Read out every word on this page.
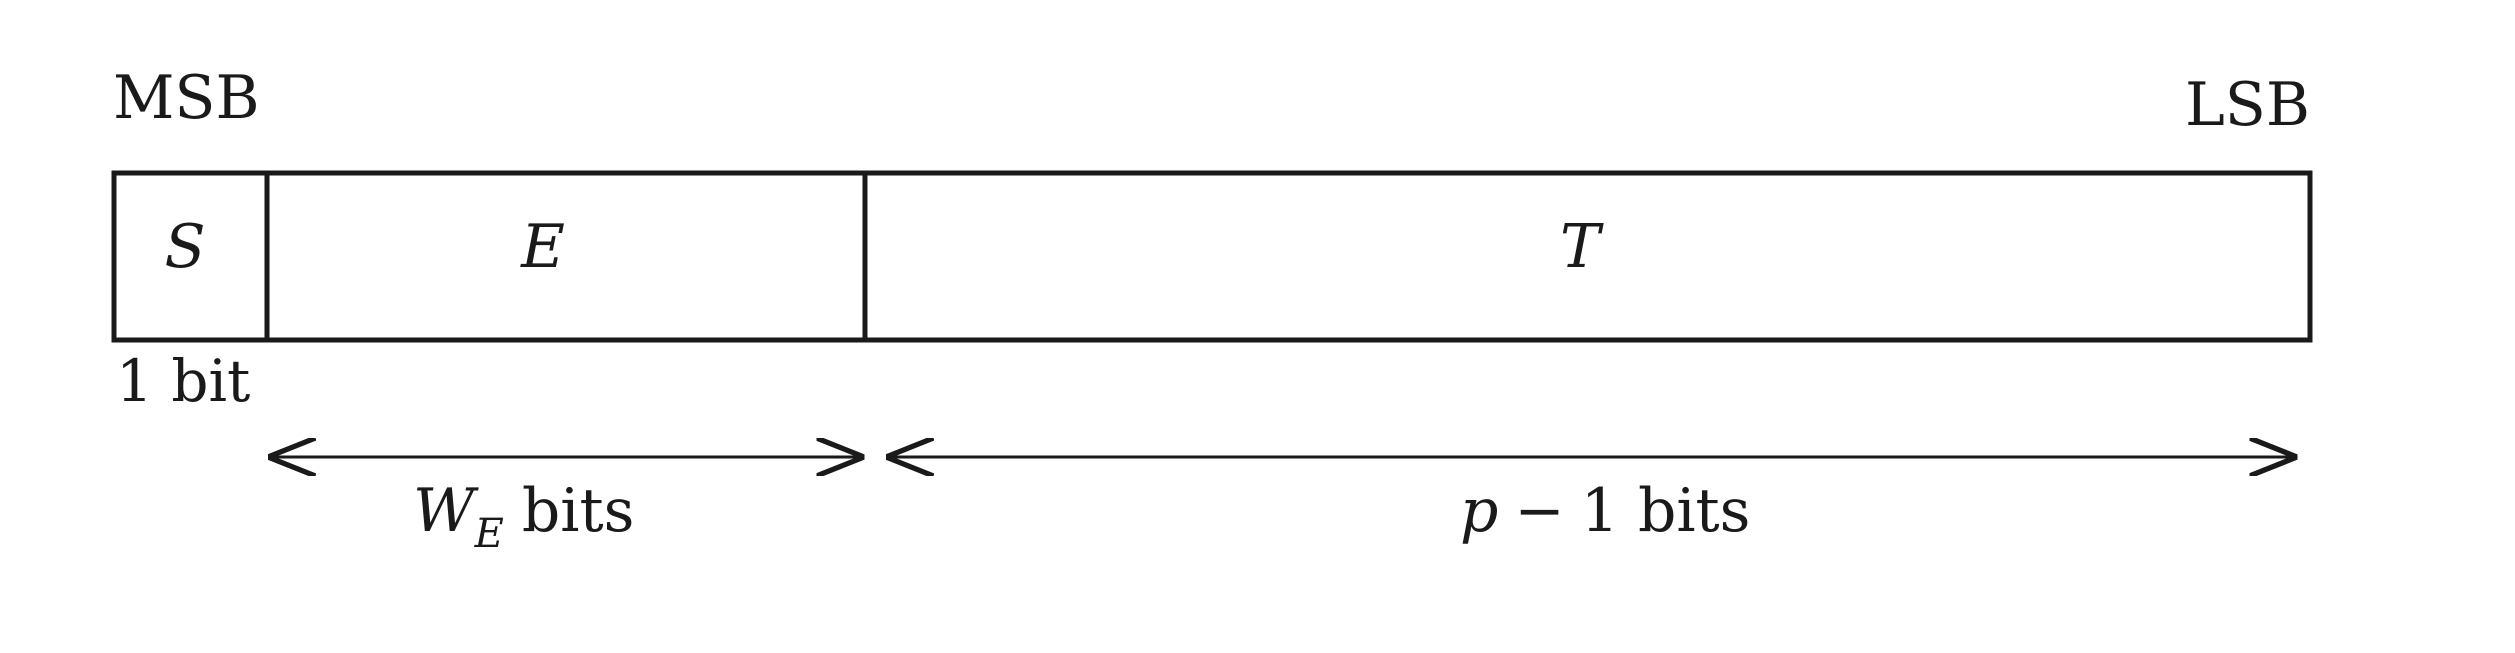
MSB	LSB
S	E	T
1 bit
$W_E$ bits	p − 1 bits
